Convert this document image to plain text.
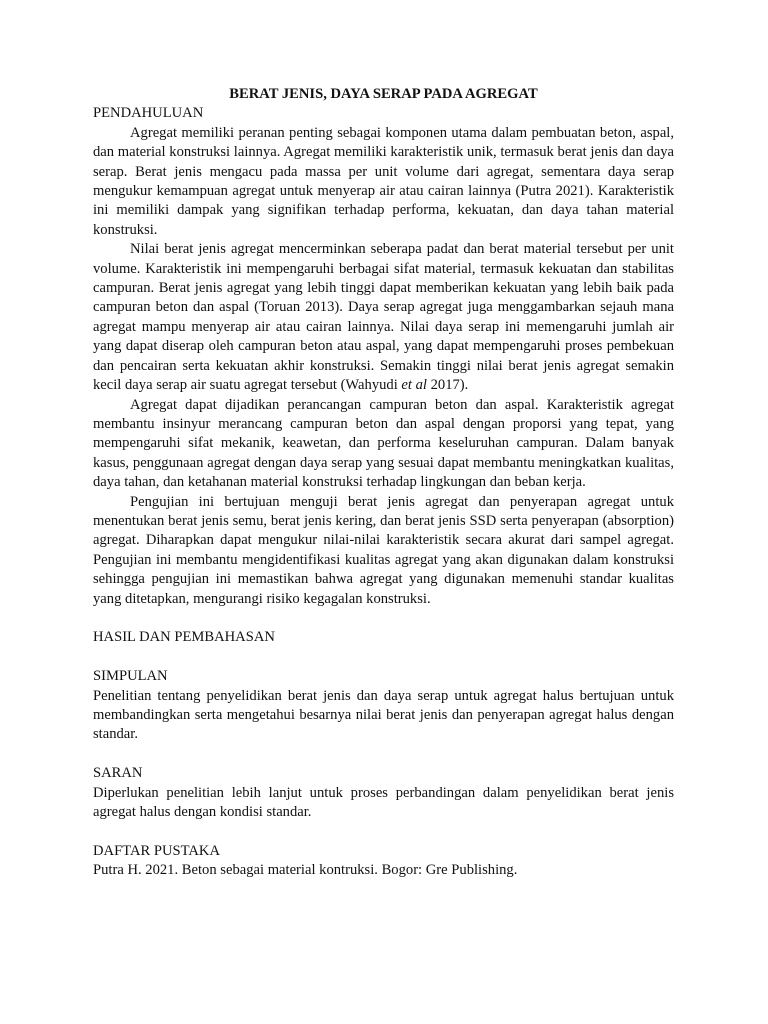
BERAT JENIS, DAYA SERAP PADA AGREGAT
PENDAHULUAN

Agregat memiliki peranan penting sebagai komponen utama dalam pembuatan beton, aspal, dan material konstruksi lainnya. Agregat memiliki karakteristik unik, termasuk berat jenis dan daya serap. Berat jenis mengacu pada massa per unit volume dari agregat, sementara daya serap mengukur kemampuan agregat untuk menyerap air atau cairan lainnya (Putra 2021). Karakteristik ini memiliki dampak yang signifikan terhadap performa, kekuatan, dan daya tahan material konstruksi.

Nilai berat jenis agregat mencerminkan seberapa padat dan berat material tersebut per unit volume. Karakteristik ini mempengaruhi berbagai sifat material, termasuk kekuatan dan stabilitas campuran. Berat jenis agregat yang lebih tinggi dapat memberikan kekuatan yang lebih baik pada campuran beton dan aspal (Toruan 2013). Daya serap agregat juga menggambarkan sejauh mana agregat mampu menyerap air atau cairan lainnya. Nilai daya serap ini memengaruhi jumlah air yang dapat diserap oleh campuran beton atau aspal, yang dapat mempengaruhi proses pembekuan dan pencairan serta kekuatan akhir konstruksi. Semakin tinggi nilai berat jenis agregat semakin kecil daya serap air suatu agregat tersebut (Wahyudi et al 2017).

Agregat dapat dijadikan perancangan campuran beton dan aspal. Karakteristik agregat membantu insinyur merancang campuran beton dan aspal dengan proporsi yang tepat, yang mempengaruhi sifat mekanik, keawetan, dan performa keseluruhan campuran. Dalam banyak kasus, penggunaan agregat dengan daya serap yang sesuai dapat membantu meningkatkan kualitas, daya tahan, dan ketahanan material konstruksi terhadap lingkungan dan beban kerja.

Pengujian ini bertujuan menguji berat jenis agregat dan penyerapan agregat untuk menentukan berat jenis semu, berat jenis kering, dan berat jenis SSD serta penyerapan (absorption) agregat. Diharapkan dapat mengukur nilai-nilai karakteristik secara akurat dari sampel agregat. Pengujian ini membantu mengidentifikasi kualitas agregat yang akan digunakan dalam konstruksi sehingga pengujian ini memastikan bahwa agregat yang digunakan memenuhi standar kualitas yang ditetapkan, mengurangi risiko kegagalan konstruksi.

HASIL DAN PEMBAHASAN
SIMPULAN

Penelitian tentang penyelidikan berat jenis dan daya serap untuk agregat halus bertujuan untuk membandingkan serta mengetahui besarnya nilai berat jenis dan penyerapan agregat halus dengan standar.

SARAN

Diperlukan penelitian lebih lanjut untuk proses perbandingan dalam penyelidikan berat jenis agregat halus dengan kondisi standar.

DAFTAR PUSTAKA

Putra H. 2021. Beton sebagai material kontruksi. Bogor: Gre Publishing.
